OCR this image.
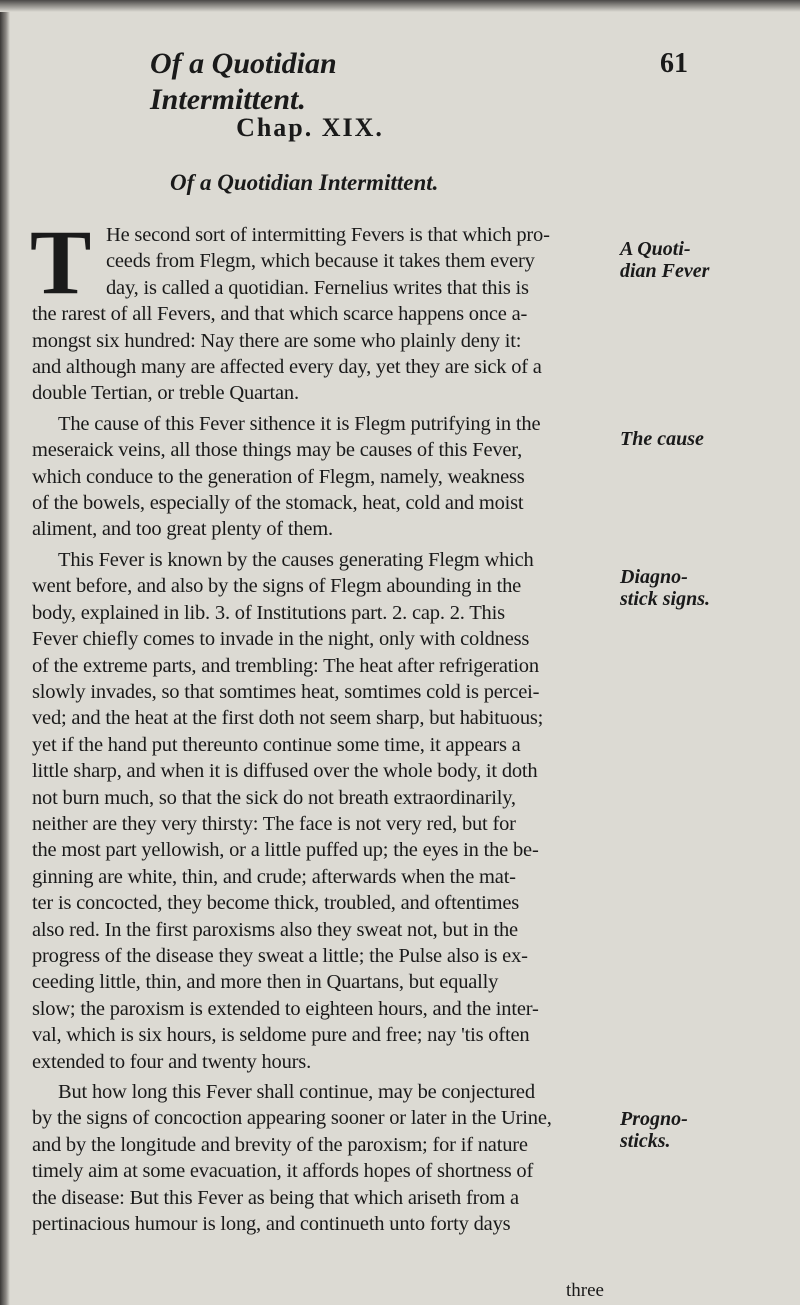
Of a Quotidian Intermittent.
61
Chap. XIX.
Of a Quotidian Intermittent.
T He second sort of intermitting Fevers is that which pro-
ceeds from Flegm, which because it takes them every
day, is called a quotidian. Fernelius writes that this is
the rarest of all Fevers, and that which scarce happens once a-
mongst six hundred: Nay there are some who plainly deny it:
and although many are affected every day, yet they are sick of a
double Tertian, or treble Quartan.

The cause of this Fever sithence it is Flegm putrifying in the
meseraick veins, all those things may be causes of this Fever,
which conduce to the generation of Flegm, namely, weakness
of the bowels, especially of the stomack, heat, cold and moist
aliment, and too great plenty of them.

This Fever is known by the causes generating Flegm which
went before, and also by the signs of Flegm abounding in the
body, explained in lib. 3. of Institutions part. 2. cap. 2. This
Fever chiefly comes to invade in the night, only with coldness
of the extreme parts, and trembling: The heat after refrigeration
slowly invades, so that somtimes heat, somtimes cold is percei-
ved; and the heat at the first doth not seem sharp, but habituous;
yet if the hand put thereunto continue some time, it appears a
little sharp, and when it is diffused over the whole body, it doth
not burn much, so that the sick do not breath extraordinarily,
neither are they very thirsty: The face is not very red, but for
the most part yellowish, or a little puffed up; the eyes in the be-
ginning are white, thin, and crude; afterwards when the mat-
ter is concocted, they become thick, troubled, and oftentimes
also red. In the first paroxisms also they sweat not, but in the
progress of the disease they sweat a little; the Pulse also is ex-
ceeding little, thin, and more then in Quartans, but equally
slow; the paroxism is extended to eighteen hours, and the inter-
val, which is six hours, is seldome pure and free; nay 'tis often
extended to four and twenty hours.

But how long this Fever shall continue, may be conjectured
by the signs of concoction appearing sooner or later in the Urine,
and by the longitude and brevity of the paroxism; for if nature
timely aim at some evacuation, it affords hopes of shortness of
the disease: But this Fever as being that which ariseth from a
pertinacious humour is long, and continueth unto forty days

A Quoti-
dian Fever
The cause
Diagno-
stick signs.
Progno-
sticks.
three
